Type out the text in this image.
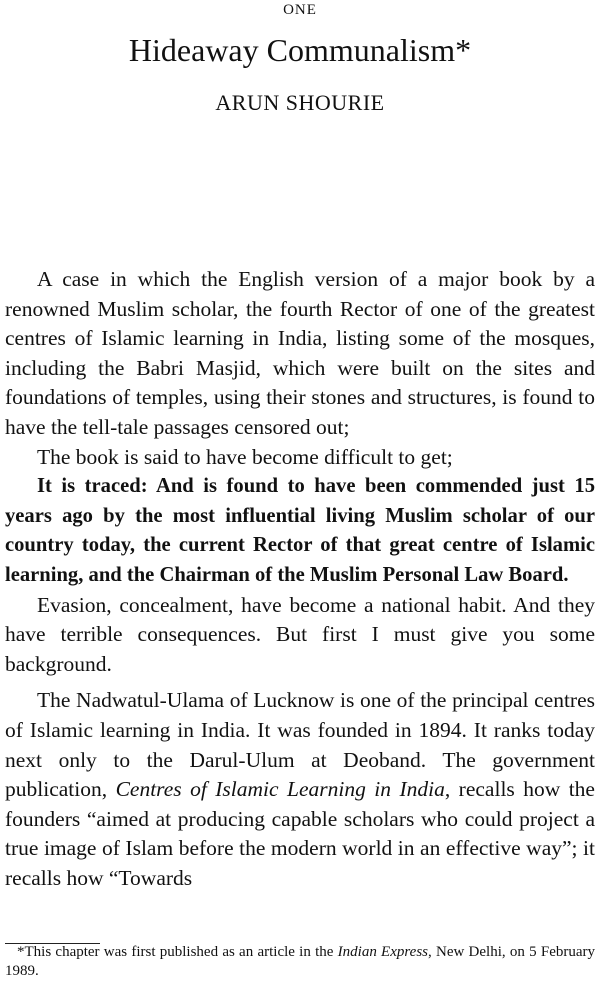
ONE
Hideaway Communalism*
ARUN SHOURIE

A case in which the English version of a major book by a renowned Muslim scholar, the fourth Rector of one of the greatest centres of Islamic learning in India, listing some of the mosques, including the Babri Masjid, which were built on the sites and foundations of temples, using their stones and structures, is found to have the tell-tale passages censored out;

The book is said to have become difficult to get;

It is traced: And is found to have been commended just 15 years ago by the most influential living Muslim scholar of our country today, the current Rector of that great centre of Islamic learning, and the Chairman of the Muslim Personal Law Board.

Evasion, concealment, have become a national habit. And they have terrible consequences. But first I must give you some background.

The Nadwatul-Ulama of Lucknow is one of the principal centres of Islamic learning in India. It was founded in 1894. It ranks today next only to the Darul-Ulum at Deoband. The government publication, Centres of Islamic Learning in India, recalls how the founders “aimed at producing capable scholars who could project a true image of Islam before the modern world in an effective way”; it recalls how “Towards

*This chapter was first published as an article in the Indian Express, New Delhi, on 5 February 1989.
